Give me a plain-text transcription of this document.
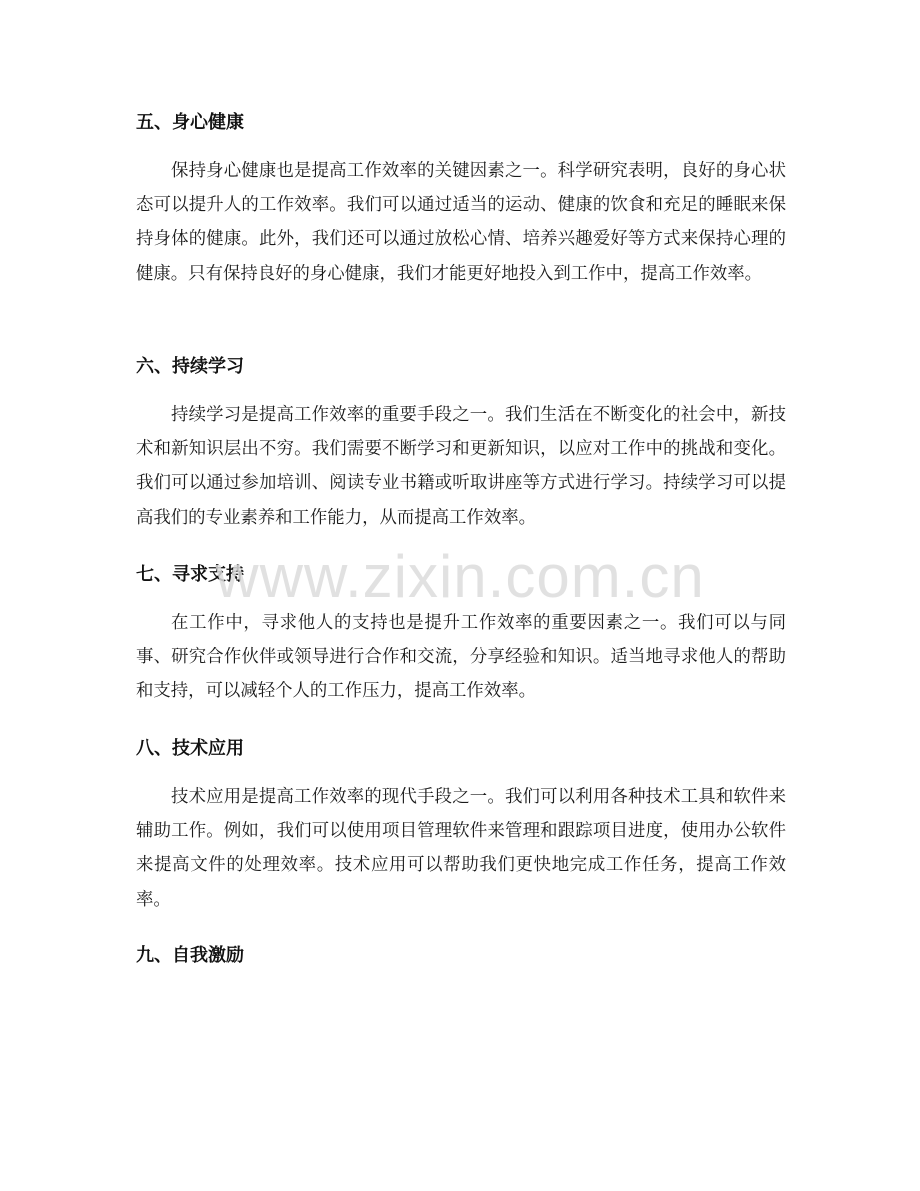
五、身心健康

保持身心健康也是提高工作效率的关键因素之一。科学研究表明，良好的身心状态可以提升人的工作效率。我们可以通过适当的运动、健康的饮食和充足的睡眠来保持身体的健康。此外，我们还可以通过放松心情、培养兴趣爱好等方式来保持心理的健康。只有保持良好的身心健康，我们才能更好地投入到工作中，提高工作效率。

六、持续学习

持续学习是提高工作效率的重要手段之一。我们生活在不断变化的社会中，新技术和新知识层出不穷。我们需要不断学习和更新知识，以应对工作中的挑战和变化。我们可以通过参加培训、阅读专业书籍或听取讲座等方式进行学习。持续学习可以提高我们的专业素养和工作能力，从而提高工作效率。

七、寻求支持

在工作中，寻求他人的支持也是提升工作效率的重要因素之一。我们可以与同事、研究合作伙伴或领导进行合作和交流，分享经验和知识。适当地寻求他人的帮助和支持，可以减轻个人的工作压力，提高工作效率。

八、技术应用

技术应用是提高工作效率的现代手段之一。我们可以利用各种技术工具和软件来辅助工作。例如，我们可以使用项目管理软件来管理和跟踪项目进度，使用办公软件来提高文件的处理效率。技术应用可以帮助我们更快地完成工作任务，提高工作效率。

九、自我激励
www.zixin.com.cn
